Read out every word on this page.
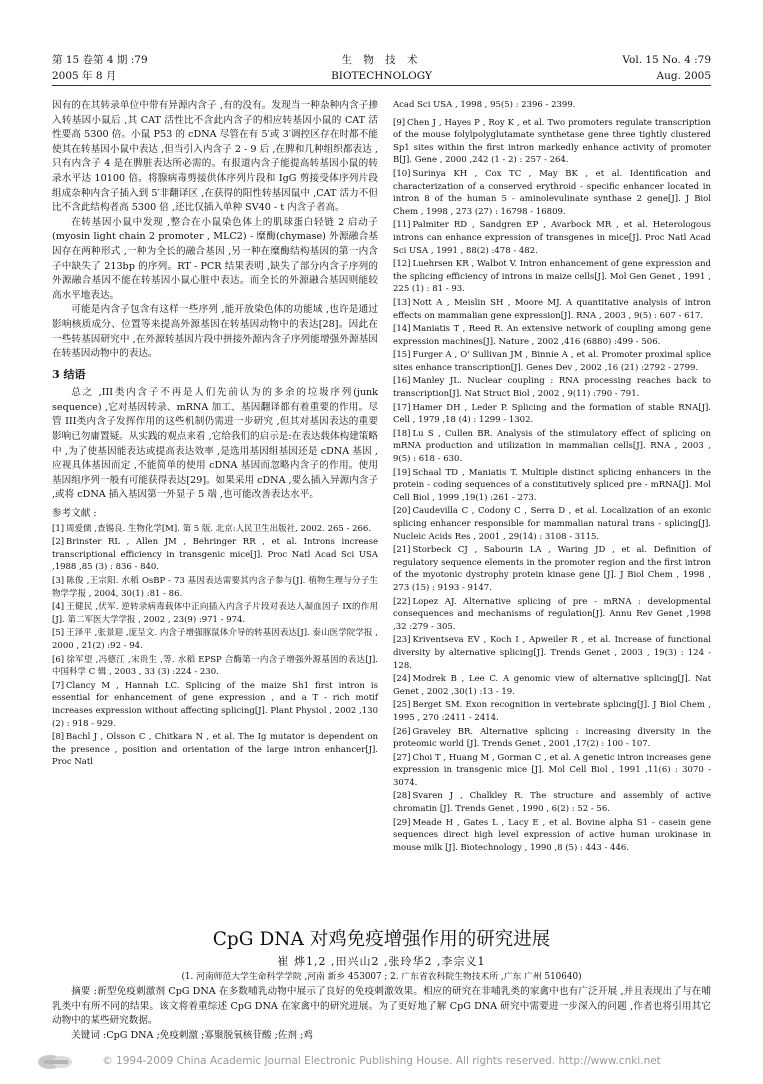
第 15 卷第 4 期 :79
2005 年 8 月
生 物 技 术
BIOTECHNOLOGY
Vol. 15 No. 4 :79
Aug. 2005

因有的在其转录单位中带有异源内含子 ,有的没有。发现当一种杂种内含子掺入转基因小鼠后 ,其 CAT 活性比不含此内含子的相应转基因小鼠的 CAT 活性要高 5300 倍。小鼠 P53 的 cDNA 尽管在有 5′或 3′调控区存在时都不能使其在转基因小鼠中表达 ,但当引入内含子 2 - 9 后 ,在脾和几种组织都表达 ,只有内含子 4 是在脾脏表达所必需的。有报道内含子能提高转基因小鼠的转录水平达 10100 倍。将腺病毒剪接供体序列片段和 IgG 剪接受体序列片段组成杂种内含子插入到 5′非翻译区 ,在获得的阳性转基因鼠中 ,CAT 活力不但比不含此结构者高 5300 倍 ,还比仅插入单种 SV40 - t 内含子者高。

在转基因小鼠中发现 ,整合在小鼠染色体上的肌球蛋白轻链 2 启动子 (myosin light chain 2 promoter , MLC2) - 糜酶(chymase) 外源融合基因存在两种形式 ,一种为全长的融合基因 ,另一种在糜酶结构基因的第一内含子中缺失了 213bp 的序列。RT - PCR 结果表明 ,缺失了部分内含子序列的外源融合基因不能在转基因小鼠心脏中表达。而全长的外源融合基因则能较高水平地表达。

可能是内含子包含有这样一些序列 ,能开放染色体的功能域 ,也许是通过影响核质成分、位置等来提高外源基因在转基因动物中的表达[28]。因此在一些转基因研究中 ,在外源转基因片段中拼接外源内含子序列能增强外源基因在转基因动物中的表达。

3 结语

总之 ,III类内含子不再是人们先前认为的多余的垃圾序列(junk sequence) ,它对基因转录、mRNA 加工、基因翻译都有着重要的作用。尽管 III类内含子发挥作用的这些机制仍需进一步研究 ,但其对基因表达的重要影响已勿庸置疑。从实践的观点来看 ,它给我们的启示是:在表达载体构建策略中 ,为了使基因能表达或提高表达效率 ,是选用基因组基因还是 cDNA 基因 ,应视具体基因而定 ,不能简单的使用 cDNA 基因而忽略内含子的作用。使用基因组序列一般有可能获得表达[29]。如果采用 cDNA ,要么插入异源内含子 ,或将 cDNA 插入基因第一外显子 5 端 ,也可能改善表达水平。

参考文献 :
[1] 周爱儒 ,查锡良. 生物化学[M]. 第 5 版. 北京:人民卫生出版社, 2002. 265 - 266.
[2] Brinster RL , Allen JM , Behringer RR , et al. Introns increase transcriptional efficiency in transgenic mice[J]. Proc Natl Acad Sci USA ,1988 ,85 (3) : 836 - 840.
[3] 陈俊 ,王宗阳. 水稻 OsBP - 73 基因表达需要其内含子参与[J]. 植物生理与分子生物学学报 , 2004, 30(1) :81 - 86.
[4] 王健民 ,伏军. 逆转录病毒载体中正向插入内含子片段对表达人凝血因子 IX的作用[J]. 第二军医大学学报 , 2002 , 23(9) :971 - 974.
[5] 王泽平 ,张景迎 ,庞呈文. 内含子增强豚鼠体介导的转基因表达[J]. 泰山医学院学报 , 2000 , 21(2) :92 - 94.
[6] 徐军望 ,冯德江 ,宋贵生 ,等. 水稻 EPSP 合酶第一内含子增强外源基因的表达[J]. 中国科学 C 辑 , 2003 , 33 (3) :224 - 230.
[7] Clancy M , Hannah LC. Splicing of the maize Sh1 first intron is essential for enhancement of gene expression , and a T - rich motif increases expression without affecting splicing[J]. Plant Physiol , 2002 ,130 (2) : 918 - 929.
[8] Bachl J , Olsson C , Chitkara N , et al. The Ig mutator is dependent on the presence , position and orientation of the large intron enhancer[J]. Proc Natl
Acad Sci USA , 1998 , 95(5) : 2396 - 2399.
[9] Chen J , Hayes P , Roy K , et al. Two promoters regulate transcription of the mouse folylpolyglutamate synthetase gene three tightly clustered Sp1 sites within the first intron markedly enhance activity of promoter B[J]. Gene , 2000 ,242 (1 - 2) : 257 - 264.
[10] Surinya KH , Cox TC , May BK , et al. Identification and characterization of a conserved erythroid - specific enhancer located in intron 8 of the human 5 - aminolevulinate synthase 2 gene[J]. J Biol Chem , 1998 , 273 (27) : 16798 - 16809.
[11] Palmiter RD , Sandgren EP , Avarbock MR , et al. Heterologous introns can enhance expression of transgenes in mice[J]. Proc Natl Acad Sci USA , 1991 , 88(2) :478 - 482.
[12] Luehrsen KR , Walbot V. Intron enhancement of gene expression and the splicing efficiency of introns in maize cells[J]. Mol Gen Genet , 1991 , 225 (1) : 81 - 93.
[13] Nott A , Meislin SH , Moore MJ. A quantitative analysis of intron effects on mammalian gene expression[J]. RNA , 2003 , 9(5) : 607 - 617.
[14] Maniatis T , Reed R. An extensive network of coupling among gene expression machines[J]. Nature , 2002 ,416 (6880) :499 - 506.
[15] Furger A , O' Sullivan JM , Binnie A , et al. Promoter proximal splice sites enhance transcription[J]. Genes Dev , 2002 ,16 (21) :2792 - 2799.
[16] Manley JL. Nuclear coupling : RNA processing reaches back to transcription[J]. Nat Struct Biol , 2002 , 9(11) :790 - 791.
[17] Hamer DH , Leder P. Splicing and the formation of stable RNA[J]. Cell , 1979 ,18 (4) : 1299 - 1302.
[18] Lu S , Cullen BR. Analysis of the stimulatory effect of splicing on mRNA production and utilization in mammalian cells[J]. RNA , 2003 , 9(5) : 618 - 630.
[19] Schaal TD , Maniatis T. Multiple distinct splicing enhancers in the protein - coding sequences of a constitutively spliced pre - mRNA[J]. Mol Cell Biol , 1999 ,19(1) :261 - 273.
[20] Caudevilla C , Codony C , Serra D , et al. Localization of an exonic splicing enhancer responsible for mammalian natural trans - splicing[J]. Nucleic Acids Res , 2001 , 29(14) : 3108 - 3115.
[21] Storbeck CJ , Sabourin LA , Waring JD , et al. Definition of regulatory sequence elements in the promoter region and the first intron of the myotonic dystrophy protein kinase gene [J]. J Biol Chem , 1998 , 273 (15) : 9193 - 9147.
[22] Lopez AJ. Alternative splicing of pre - mRNA : developmental consequences and mechanisms of regulation[J]. Annu Rev Genet ,1998 ,32 :279 - 305.
[23] Kriventseva EV , Koch I , Apweiler R , et al. Increase of functional diversity by alternative splicing[J]. Trends Genet , 2003 , 19(3) : 124 - 128.
[24] Modrek B , Lee C. A genomic view of alternative splicing[J]. Nat Genet , 2002 ,30(1) :13 - 19.
[25] Berget SM. Exon recognition in vertebrate splicing[J]. J Biol Chem , 1995 , 270 :2411 - 2414.
[26] Graveley BR. Alternative splicing : increasing diversity in the proteomic world [J]. Trends Genet , 2001 ,17(2) : 100 - 107.
[27] Choi T , Huang M , Gorman C , et al. A genetic intron increases gene expression in transgenic mice [J]. Mol Cell Biol , 1991 ,11(6) : 3070 - 3074.
[28] Svaren J , Chalkley R. The structure and assembly of active chromatin [J]. Trends Genet , 1990 , 6(2) : 52 - 56.
[29] Meade H , Gates L , Lacy E , et al. Bovine alpha S1 - casein gene sequences direct high level expression of active human urokinase in mouse milk [J]. Biotechnology , 1990 ,8 (5) : 443 - 446.
CpG DNA 对鸡免疫增强作用的研究进展
崔 烨1,2 ,田兴山2 ,张玲华2 ,李宗义1
(1. 河南师范大学生命科学学院 ,河南 新乡 453007 ; 2. 广东省农科院生物技术所 ,广东 广州 510640)
摘要 :新型免疫刺激剂 CpG DNA 在多数哺乳动物中展示了良好的免疫刺激效果。相应的研究在非哺乳类的家禽中也有广泛开展 ,并且表现出了与在哺乳类中有所不同的结果。该文将着重综述 CpG DNA 在家禽中的研究进展。为了更好地了解 CpG DNA 研究中需要进一步深入的问题 ,作者也将引用其它动物中的某些研究数据。
关键词 :CpG DNA ;免疫刺激 ;寡聚脱氧核苷酸 ;佐剂 ;鸡
© 1994-2009 China Academic Journal Electronic Publishing House. All rights reserved. http://www.cnki.net
